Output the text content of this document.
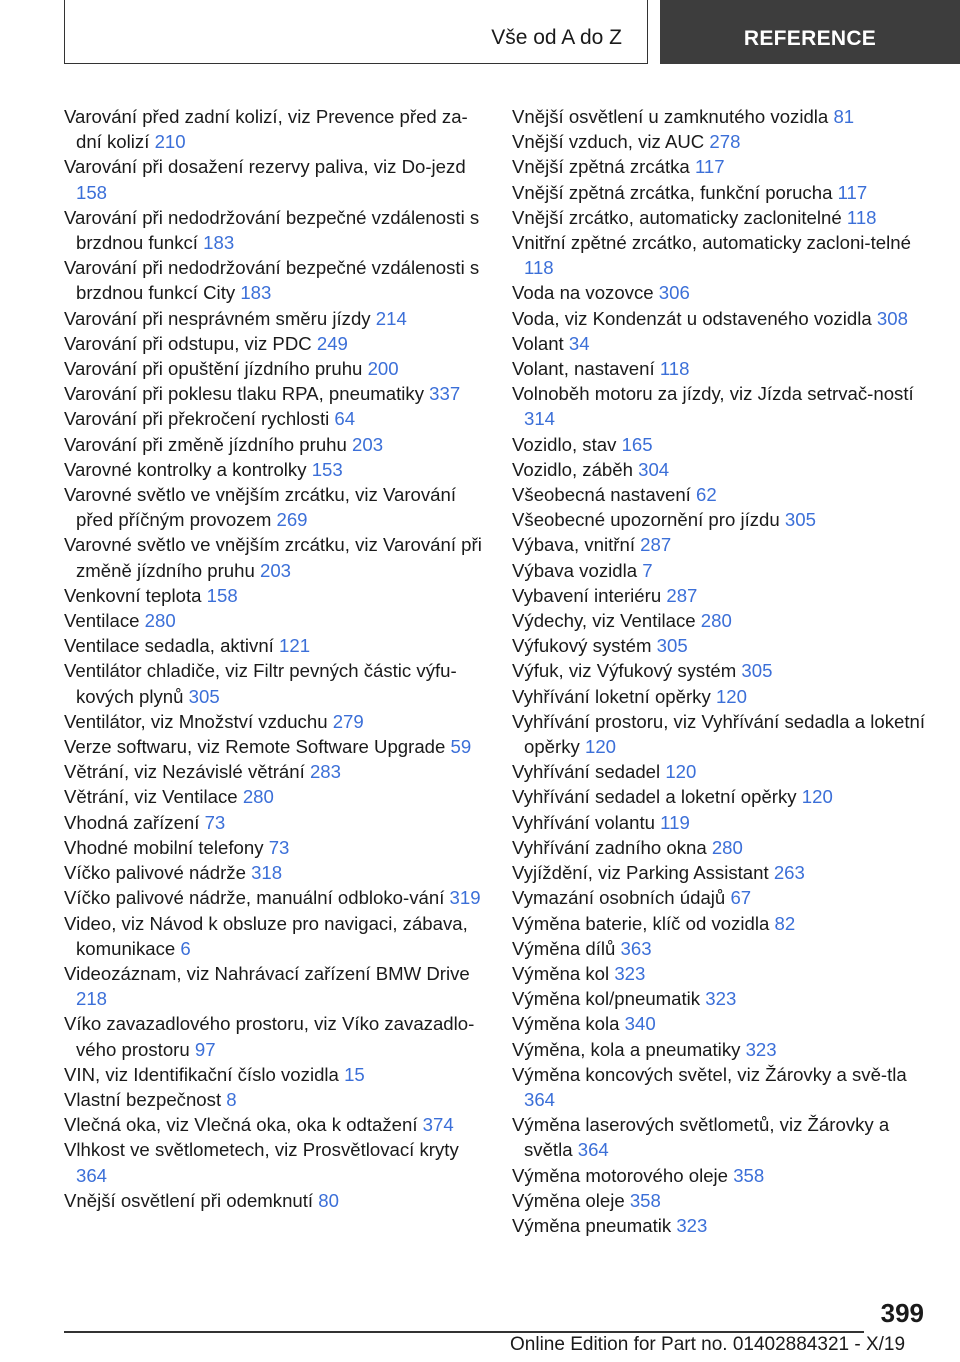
Vše od A do Z	REFERENCE
Varování před zadní kolizí, viz Prevence před za‐dní kolizí 210
Varování při dosažení rezervy paliva, viz Do‐jezd 158
Varování při nedodržování bezpečné vzdálenosti s brzdnou funkcí 183
Varování při nedodržování bezpečné vzdálenosti s brzdnou funkcí City 183
Varování při nesprávném směru jízdy 214
Varování při odstupu, viz PDC 249
Varování při opuštění jízdního pruhu 200
Varování při poklesu tlaku RPA, pneumatiky 337
Varování při překročení rychlosti 64
Varování při změně jízdního pruhu 203
Varovné kontrolky a kontrolky 153
Varovné světlo ve vnějším zrcátku, viz Varování před příčným provozem 269
Varovné světlo ve vnějším zrcátku, viz Varování při změně jízdního pruhu 203
Venkovní teplota 158
Ventilace 280
Ventilace sedadla, aktivní 121
Ventilátor chladiče, viz Filtr pevných částic výfu‐kových plynů 305
Ventilátor, viz Množství vzduchu 279
Verze softwaru, viz Remote Software Upgrade 59
Větrání, viz Nezávislé větrání 283
Větrání, viz Ventilace 280
Vhodná zařízení 73
Vhodné mobilní telefony 73
Víčko palivové nádrže 318
Víčko palivové nádrže, manuální odbloko‐vání 319
Video, viz Návod k obsluze pro navigaci, zábava, komunikace 6
Videozáznam, viz Nahrávací zařízení BMW Drive 218
Víko zavazadlového prostoru, viz Víko zavazadlo‐vého prostoru 97
VIN, viz Identifikační číslo vozidla 15
Vlastní bezpečnost 8
Vlečná oka, viz Vlečná oka, oka k odtažení 374
Vlhkost ve světlometech, viz Prosvětlovací kryty 364
Vnější osvětlení při odemknutí 80
Vnější osvětlení u zamknutého vozidla 81
Vnější vzduch, viz AUC 278
Vnější zpětná zrcátka 117
Vnější zpětná zrcátka, funkční porucha 117
Vnější zrcátko, automaticky zaclonitelné 118
Vnitřní zpětné zrcátko, automaticky zacloni‐telné 118
Voda na vozovce 306
Voda, viz Kondenzát u odstaveného vozidla 308
Volant 34
Volant, nastavení 118
Volnoběh motoru za jízdy, viz Jízda setrvač‐ností 314
Vozidlo, stav 165
Vozidlo, záběh 304
Všeobecná nastavení 62
Všeobecné upozornění pro jízdu 305
Výbava, vnitřní 287
Výbava vozidla 7
Vybavení interiéru 287
Výdechy, viz Ventilace 280
Výfukový systém 305
Výfuk, viz Výfukový systém 305
Vyhřívání loketní opěrky 120
Vyhřívání prostoru, viz Vyhřívání sedadla a loketní opěrky 120
Vyhřívání sedadel 120
Vyhřívání sedadel a loketní opěrky 120
Vyhřívání volantu 119
Vyhřívání zadního okna 280
Vyjíždění, viz Parking Assistant 263
Vymazání osobních údajů 67
Výměna baterie, klíč od vozidla 82
Výměna dílů 363
Výměna kol 323
Výměna kol/pneumatik 323
Výměna kola 340
Výměna, kola a pneumatiky 323
Výměna koncových světel, viz Žárovky a svě‐tla 364
Výměna laserových světlometů, viz Žárovky a světla 364
Výměna motorového oleje 358
Výměna oleje 358
Výměna pneumatik 323
399
Online Edition for Part no. 01402884321 - X/19
